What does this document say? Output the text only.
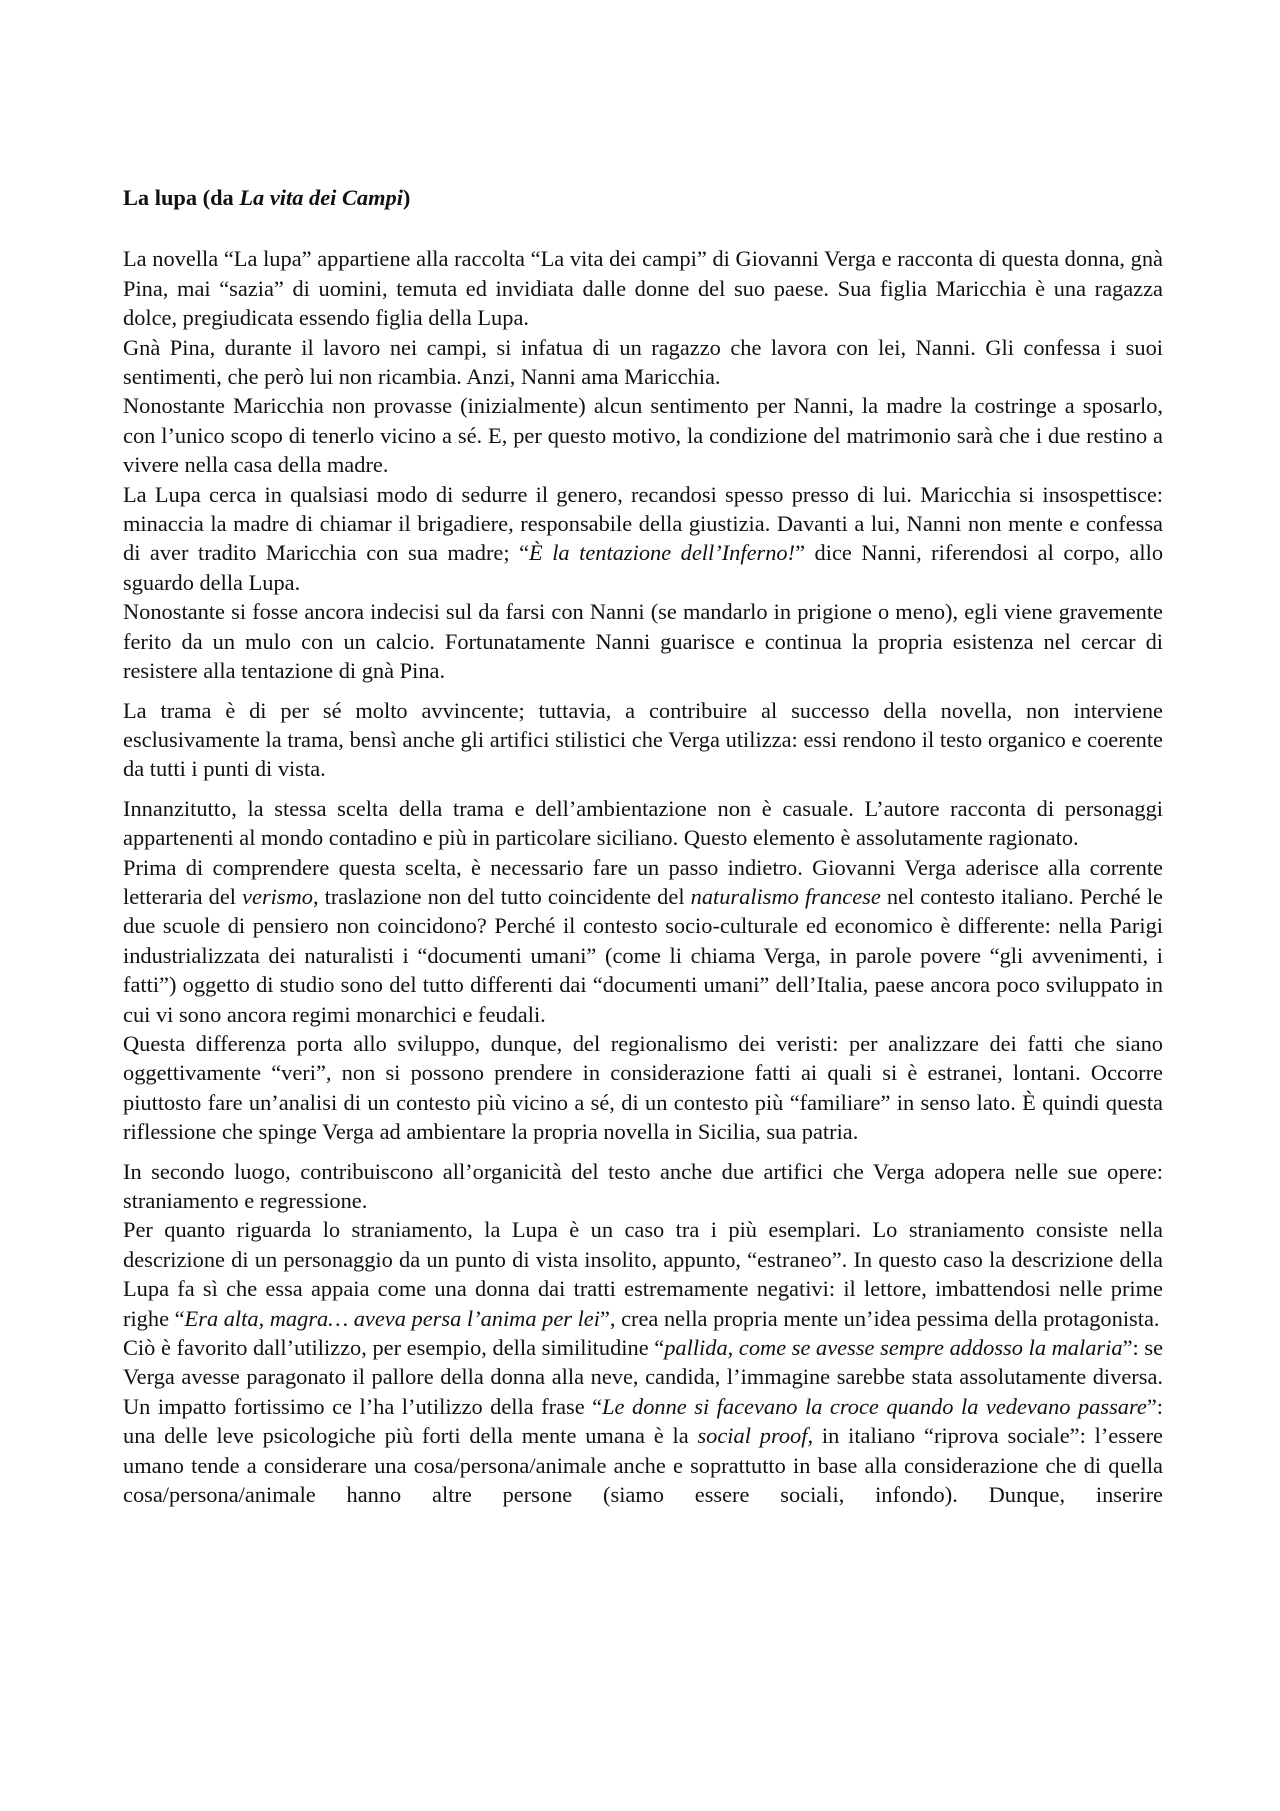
La lupa (da La vita dei Campi)

La novella “La lupa” appartiene alla raccolta “La vita dei campi” di Giovanni Verga e racconta di questa donna, gnà Pina, mai “sazia” di uomini, temuta ed invidiata dalle donne del suo paese. Sua figlia Maricchia è una ragazza dolce, pregiudicata essendo figlia della Lupa.

Gnà Pina, durante il lavoro nei campi, si infatua di un ragazzo che lavora con lei, Nanni. Gli confessa i suoi sentimenti, che però lui non ricambia. Anzi, Nanni ama Maricchia.

Nonostante Maricchia non provasse (inizialmente) alcun sentimento per Nanni, la madre la costringe a sposarlo, con l’unico scopo di tenerlo vicino a sé. E, per questo motivo, la condizione del matrimonio sarà che i due restino a vivere nella casa della madre.

La Lupa cerca in qualsiasi modo di sedurre il genero, recandosi spesso presso di lui. Maricchia si insospettisce: minaccia la madre di chiamar il brigadiere, responsabile della giustizia. Davanti a lui, Nanni non mente e confessa di aver tradito Maricchia con sua madre; “È la tentazione dell’Inferno!” dice Nanni, riferendosi al corpo, allo sguardo della Lupa.

Nonostante si fosse ancora indecisi sul da farsi con Nanni (se mandarlo in prigione o meno), egli viene gravemente ferito da un mulo con un calcio. Fortunatamente Nanni guarisce e continua la propria esistenza nel cercar di resistere alla tentazione di gnà Pina.

La trama è di per sé molto avvincente; tuttavia, a contribuire al successo della novella, non interviene esclusivamente la trama, bensì anche gli artifici stilistici che Verga utilizza: essi rendono il testo organico e coerente da tutti i punti di vista.

Innanzitutto, la stessa scelta della trama e dell’ambientazione non è casuale. L’autore racconta di personaggi appartenenti al mondo contadino e più in particolare siciliano. Questo elemento è assolutamente ragionato.

Prima di comprendere questa scelta, è necessario fare un passo indietro. Giovanni Verga aderisce alla corrente letteraria del verismo, traslazione non del tutto coincidente del naturalismo francese nel contesto italiano. Perché le due scuole di pensiero non coincidono? Perché il contesto socio-culturale ed economico è differente: nella Parigi industrializzata dei naturalisti i “documenti umani” (come li chiama Verga, in parole povere “gli avvenimenti, i fatti”) oggetto di studio sono del tutto differenti dai “documenti umani” dell’Italia, paese ancora poco sviluppato in cui vi sono ancora regimi monarchici e feudali.

Questa differenza porta allo sviluppo, dunque, del regionalismo dei veristi: per analizzare dei fatti che siano oggettivamente “veri”, non si possono prendere in considerazione fatti ai quali si è estranei, lontani. Occorre piuttosto fare un’analisi di un contesto più vicino a sé, di un contesto più “familiare” in senso lato. È quindi questa riflessione che spinge Verga ad ambientare la propria novella in Sicilia, sua patria.

In secondo luogo, contribuiscono all’organicità del testo anche due artifici che Verga adopera nelle sue opere: straniamento e regressione.

Per quanto riguarda lo straniamento, la Lupa è un caso tra i più esemplari. Lo straniamento consiste nella descrizione di un personaggio da un punto di vista insolito, appunto, “estraneo”. In questo caso la descrizione della Lupa fa sì che essa appaia come una donna dai tratti estremamente negativi: il lettore, imbattendosi nelle prime righe “Era alta, magra… aveva persa l’anima per lei”, crea nella propria mente un’idea pessima della protagonista.

Ciò è favorito dall’utilizzo, per esempio, della similitudine “pallida, come se avesse sempre addosso la malaria”: se Verga avesse paragonato il pallore della donna alla neve, candida, l’immagine sarebbe stata assolutamente diversa. Un impatto fortissimo ce l’ha l’utilizzo della frase “Le donne si facevano la croce quando la vedevano passare”: una delle leve psicologiche più forti della mente umana è la social proof, in italiano “riprova sociale”: l’essere umano tende a considerare una cosa/persona/animale anche e soprattutto in base alla considerazione che di quella cosa/persona/animale hanno altre persone (siamo essere sociali, infondo). Dunque, inserire
